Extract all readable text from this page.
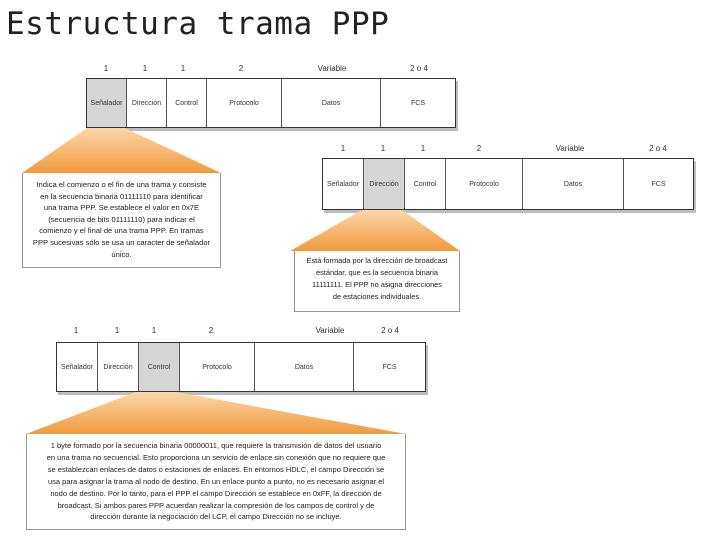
Estructura trama PPP
1	1	1	2	Variable	2 o 4
Señalador	Dirección	Control	Protocolo	Datos	FCS
Indica el comienzo o el fin de una trama y consiste
en la secuencia binaria 01111110 para identificar
una trama PPP. Se establece el valor en 0x7E
(secuencia de bits 01111110) para indicar el
comienzo y el final de una trama PPP. En tramas
PPP sucesivas sólo se usa un caracter de señalador
único.
1	1	1	2	Variable	2 o 4
Señalador	Dirección	Control	Protocolo	Datos	FCS
Está formada por la dirección de broadcast
estándar, que es la secuencia binaria
11111111. El PPP no asigna direcciones
de estaciones individuales.
1	1	1	2	Variable	2 o 4
Señalador	Dirección	Control	Protocolo	Datos	FCS
1 byte formado por la secuencia binaria 00000011, que requiere la transmisión de datos del usuario
en una trama no secuencial. Esto proporciona un servicio de enlace sin conexión que no requiere que
se establezcan enlaces de datos o estaciones de enlaces. En entornos HDLC, el campo Dirección se
usa para asignar la trama al nodo de destino. En un enlace punto a punto, no es necesario asignar el
nodo de destino. Por lo tanto, para el PPP el campo Dirección se establece en 0xFF, la dirección de
broadcast. Si ambos pares PPP acuerdan realizar la compresión de los campos de control y de
dirección durante la negociación del LCP, el campo Dirección no se incluye.
